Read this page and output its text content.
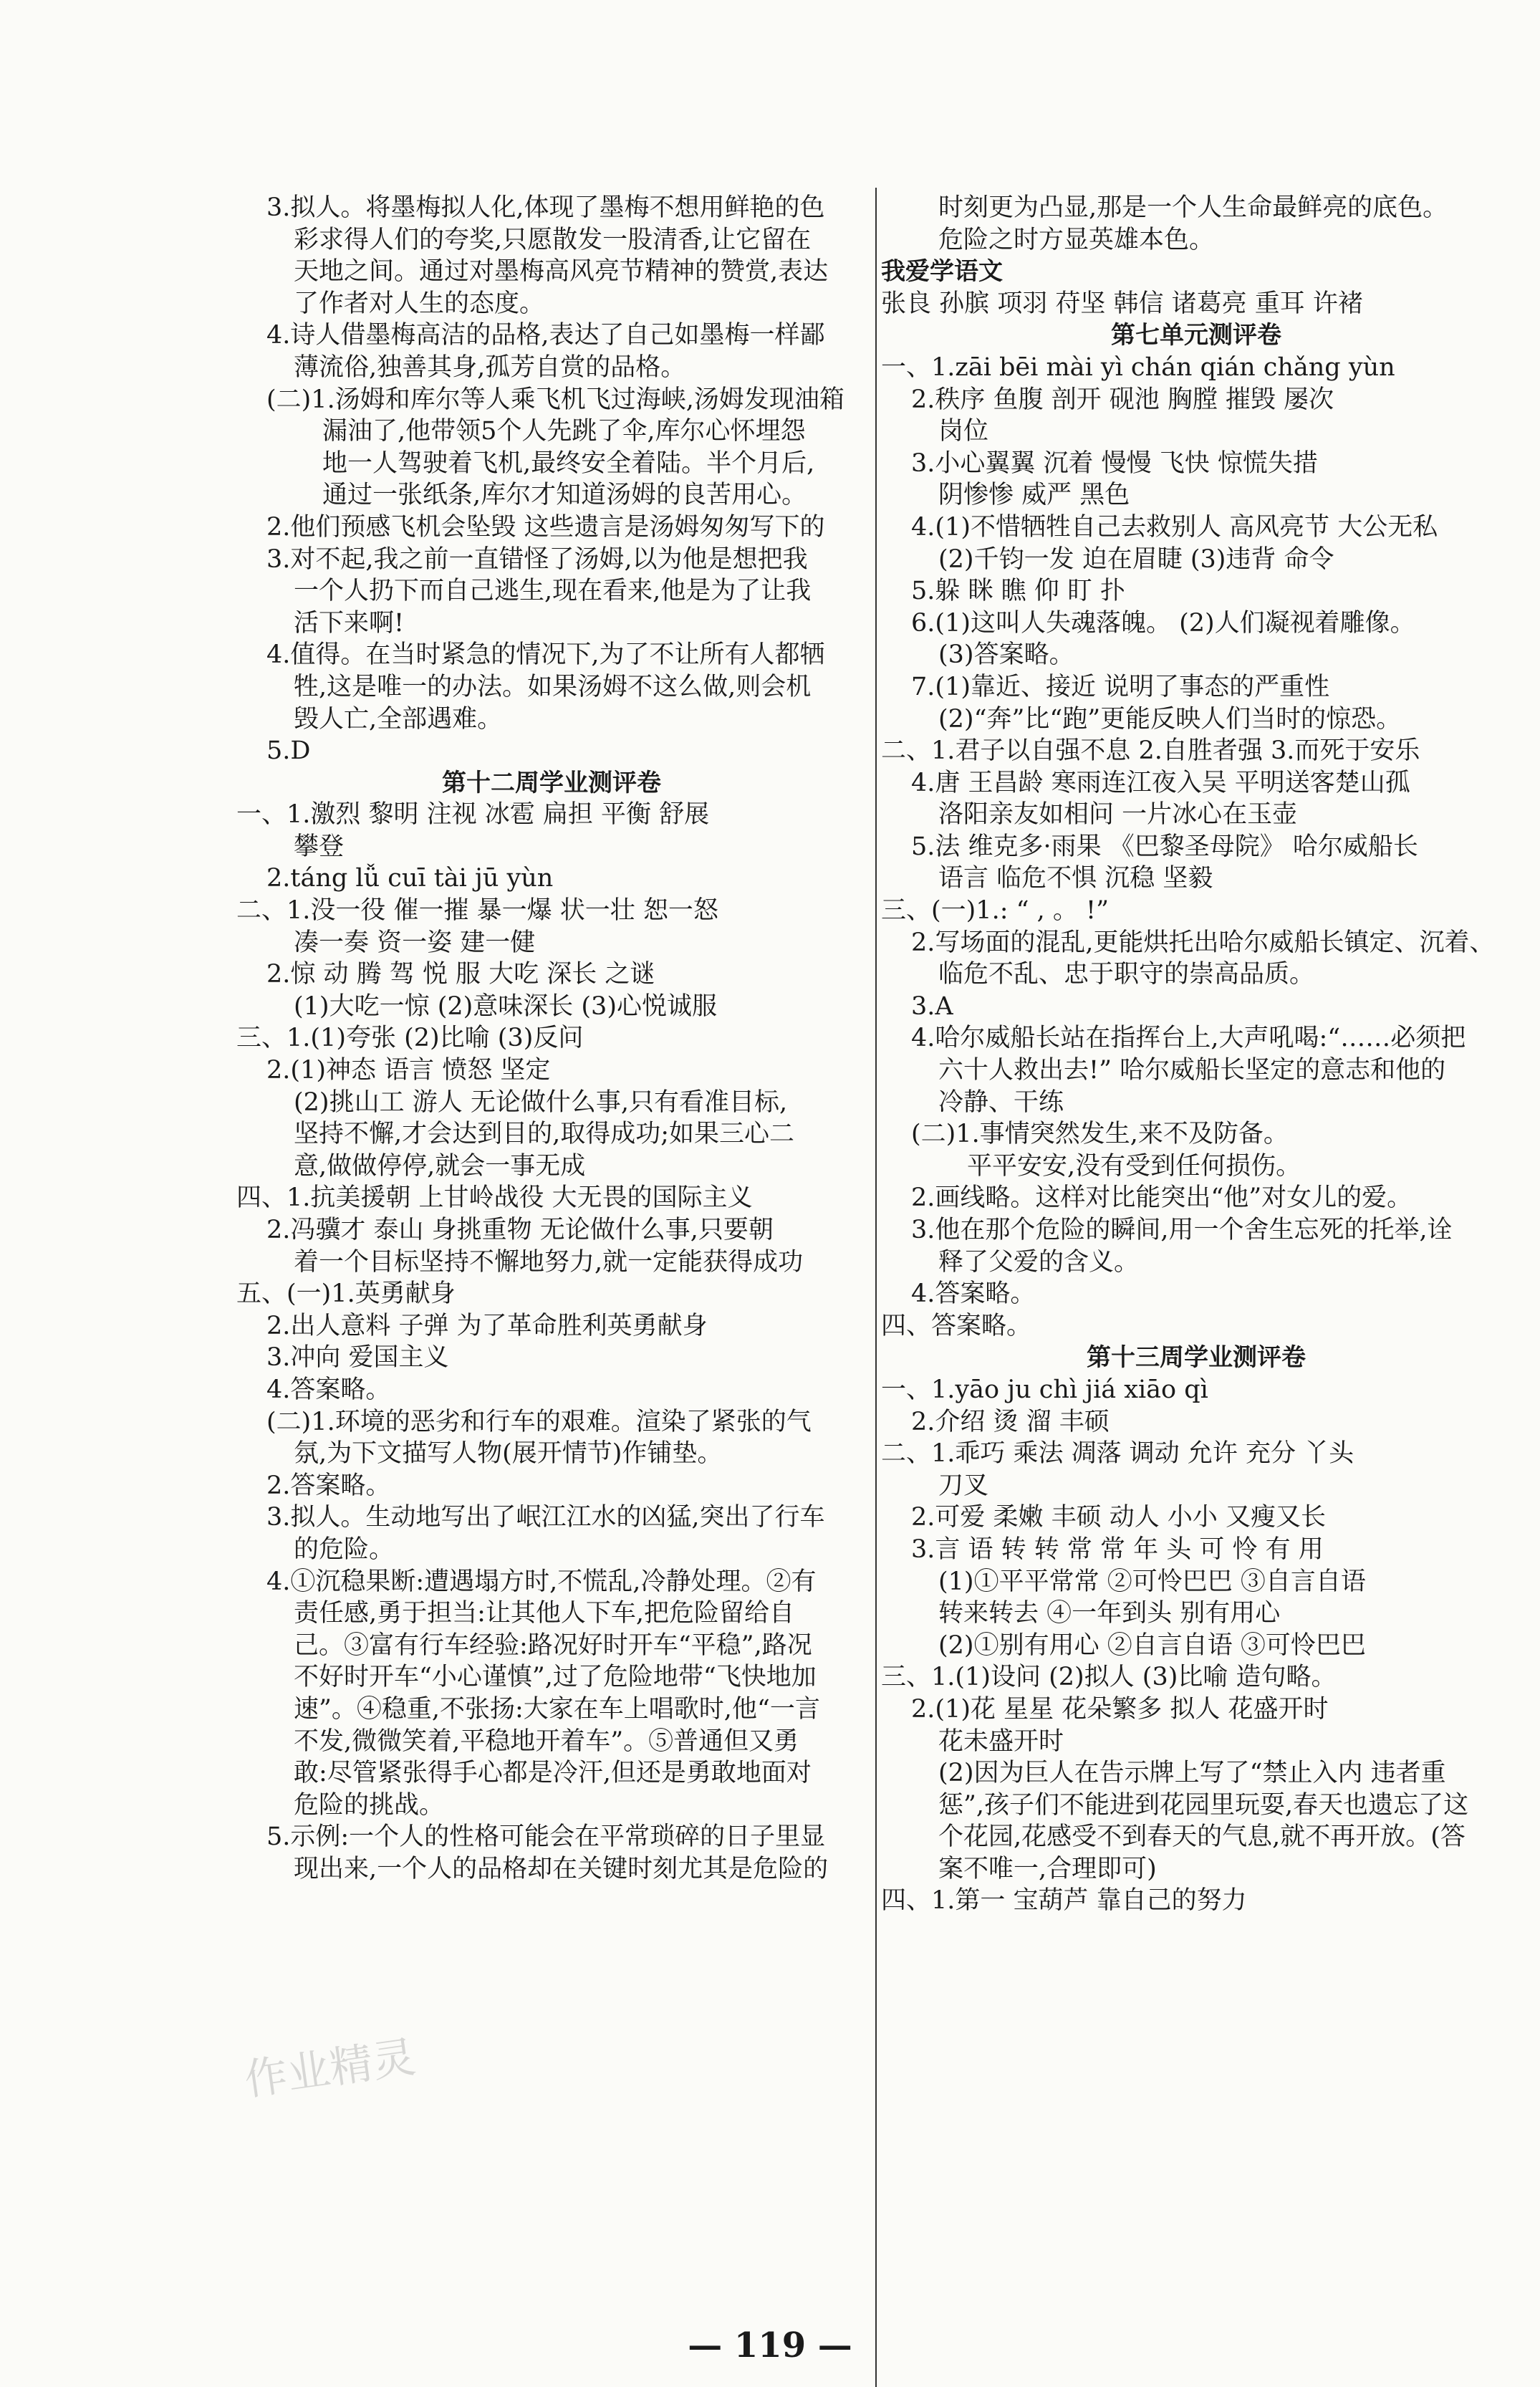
3.拟人。将墨梅拟人化,体现了墨梅不想用鲜艳的色
彩求得人们的夸奖,只愿散发一股清香,让它留在
天地之间。通过对墨梅高风亮节精神的赞赏,表达
了作者对人生的态度。
4.诗人借墨梅高洁的品格,表达了自己如墨梅一样鄙
薄流俗,独善其身,孤芳自赏的品格。
(二)1.汤姆和库尔等人乘飞机飞过海峡,汤姆发现油箱
漏油了,他带领5个人先跳了伞,库尔心怀埋怨
地一人驾驶着飞机,最终安全着陆。半个月后,
通过一张纸条,库尔才知道汤姆的良苦用心。
2.他们预感飞机会坠毁 这些遗言是汤姆匆匆写下的
3.对不起,我之前一直错怪了汤姆,以为他是想把我
一个人扔下而自己逃生,现在看来,他是为了让我
活下来啊!
4.值得。在当时紧急的情况下,为了不让所有人都牺
牲,这是唯一的办法。如果汤姆不这么做,则会机
毁人亡,全部遇难。
5.D
第十二周学业测评卷
一、1.激烈 黎明 注视 冰雹 扁担 平衡 舒展
攀登
2.táng lǚ cuī tài jū yùn
二、1.没一役 催一摧 暴一爆 状一壮 恕一怒
凑一奏 资一姿 建一健
2.惊 动 腾 驾 悦 服 大吃 深长 之谜
(1)大吃一惊 (2)意味深长 (3)心悦诚服
三、1.(1)夸张 (2)比喻 (3)反问
2.(1)神态 语言 愤怒 坚定
(2)挑山工 游人 无论做什么事,只有看准目标,
坚持不懈,才会达到目的,取得成功;如果三心二
意,做做停停,就会一事无成
四、1.抗美援朝 上甘岭战役 大无畏的国际主义
2.冯骥才 泰山 身挑重物 无论做什么事,只要朝
着一个目标坚持不懈地努力,就一定能获得成功
五、(一)1.英勇献身
2.出人意料 子弹 为了革命胜利英勇献身
3.冲向 爱国主义
4.答案略。
(二)1.环境的恶劣和行车的艰难。渲染了紧张的气
氛,为下文描写人物(展开情节)作铺垫。
2.答案略。
3.拟人。生动地写出了岷江江水的凶猛,突出了行车
的危险。
4.①沉稳果断:遭遇塌方时,不慌乱,冷静处理。②有
责任感,勇于担当:让其他人下车,把危险留给自
己。③富有行车经验:路况好时开车“平稳”,路况
不好时开车“小心谨慎”,过了危险地带“飞快地加
速”。④稳重,不张扬:大家在车上唱歌时,他“一言
不发,微微笑着,平稳地开着车”。⑤普通但又勇
敢:尽管紧张得手心都是冷汗,但还是勇敢地面对
危险的挑战。
5.示例:一个人的性格可能会在平常琐碎的日子里显
现出来,一个人的品格却在关键时刻尤其是危险的
时刻更为凸显,那是一个人生命最鲜亮的底色。
危险之时方显英雄本色。
我爱学语文
张良 孙膑 项羽 苻坚 韩信 诸葛亮 重耳 许褚
第七单元测评卷
一、1.zāi bēi mài yì chán qián chǎng yùn
2.秩序 鱼腹 剖开 砚池 胸膛 摧毁 屡次
岗位
3.小心翼翼 沉着 慢慢 飞快 惊慌失措
阴惨惨 威严 黑色
4.(1)不惜牺牲自己去救别人 高风亮节 大公无私
(2)千钧一发 迫在眉睫 (3)违背 命令
5.躲 眯 瞧 仰 盯 扑
6.(1)这叫人失魂落魄。 (2)人们凝视着雕像。
(3)答案略。
7.(1)靠近、接近 说明了事态的严重性
(2)“奔”比“跑”更能反映人们当时的惊恐。
二、1.君子以自强不息 2.自胜者强 3.而死于安乐
4.唐 王昌龄 寒雨连江夜入吴 平明送客楚山孤
洛阳亲友如相问 一片冰心在玉壶
5.法 维克多·雨果 《巴黎圣母院》 哈尔威船长
语言 临危不惧 沉稳 坚毅
三、(一)1.: “ , 。 !”
2.写场面的混乱,更能烘托出哈尔威船长镇定、沉着、
临危不乱、忠于职守的崇高品质。
3.A
4.哈尔威船长站在指挥台上,大声吼喝:“……必须把
六十人救出去!” 哈尔威船长坚定的意志和他的
冷静、干练
(二)1.事情突然发生,来不及防备。
平平安安,没有受到任何损伤。
2.画线略。这样对比能突出“他”对女儿的爱。
3.他在那个危险的瞬间,用一个舍生忘死的托举,诠
释了父爱的含义。
4.答案略。
四、答案略。
第十三周学业测评卷
一、1.yāo ju chì jiá xiāo qì
2.介绍 烫 溜 丰硕
二、1.乖巧 乘法 凋落 调动 允许 充分 丫头
刀叉
2.可爱 柔嫩 丰硕 动人 小小 又瘦又长
3.言 语 转 转 常 常 年 头 可 怜 有 用
(1)①平平常常 ②可怜巴巴 ③自言自语
转来转去 ④一年到头 别有用心
(2)①别有用心 ②自言自语 ③可怜巴巴
三、1.(1)设问 (2)拟人 (3)比喻 造句略。
2.(1)花 星星 花朵繁多 拟人 花盛开时
花未盛开时
(2)因为巨人在告示牌上写了“禁止入内 违者重
惩”,孩子们不能进到花园里玩耍,春天也遗忘了这
个花园,花感受不到春天的气息,就不再开放。(答
案不唯一,合理即可)
四、1.第一 宝葫芦 靠自己的努力
— 119 —
作业精灵
